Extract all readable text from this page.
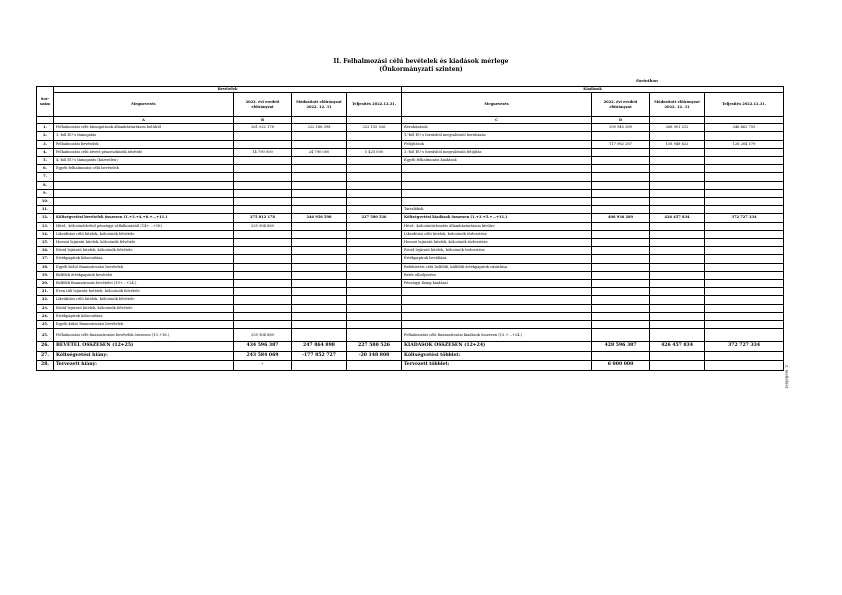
II. Felhalmozási célú bevételek és kiadások mérlege
(Önkormányzati szinten)
Forintban
3. melléklet
Sor-
szám	Bevételek				Kiadások			
	Megnevezés	2022. évi eredeti előirányzat	Módosított előirányzat 2022. 12. 31	Teljesítés 2022.12.31.	Megnevezés	2022. évi eredeti előirányzat	Módosított előirányzat 2022. 12. 31	Teljesítés 2022.12.31.
	A	B			C	D		
1.	Felhalmozási célú támogatások államháztartáson belülről	261 022 178	222 166 598	222 155 526	Beruházások	290 945 289	268 901 212	246 462 755
2.	1.-ből EU-s támogatás				1.-ből EU-s forrásból megvalósuló beruházás			
3.	Felhalmozási bevételek				Felújítások	117 982 287	158 948 622	126 264 579
4.	Felhalmozási célú átvett pénzeszközök átvétele	14 790 000	24 790 000	5 425 000	3.-ból EU-s forrásból megvalósuló felújítás			
5.	4.-ből EU-s támogatás (közvetlen)				Egyéb felhalmozási kiadások			
6.	Egyéb felhalmozási célú bevételek							
7.								
8.								
9.								
10.								
11.					Tartalékok			
12.	Költségvetési bevételek összesen (1.+3.+4.+6.+...+11.)	275 812 178	246 956 598	227 580 526	Költségvetési kiadások összesen (1.+3.+5.+...+11.)	408 936 289	426 457 834	372 727 334
13.	Hitel-, kölcsönfelvétel pénzügyi vállalkozástól (14+...+16)	255 904 889			Hitel-, kölcsöntörlesztés államháztartáson kívülre			
14.	Likviditási célú hitelek, kölcsönök felvétele				Likviditási célú hitelek, kölcsönök törlesztése			
15.	Hosszú lejáratú hitelek, kölcsönök felvétele				Hosszú lejáratú hitelek, kölcsönök törlesztése			
16.	Rövid lejáratú hitelek, kölcsönök felvétele				Rövid lejáratú hitelek, kölcsönök törlesztése			
17.	Értékpapírok kibocsátása				Értékpapírok beváltása			
18.	Egyéb belső finanszírozási bevételek				Befektetési célú belföldi, külföldi értékpapírok vásárlása			
19.	Belföldi értékpapírok bevételei				Betét elhelyezése			
20.	Belföldi finanszírozás bevételei (19+...+24.)				Pénzügyi lízing kiadásai			
21.	Éven túli lejáratú betétek, kölcsönök felvétele							
22.	Likviditási célú hitelek, kölcsönök felvétele							
23.	Rövid lejáratú hitelek, kölcsönök felvétele							
24.	Értékpapírok kibocsátása							
25.	Egyéb külső finanszírozási bevételek							
25.	Felhalmozási célú finanszírozási bevételek összesen (13.+18.)	255 904 889			Felhalmozási célú finanszírozási kiadások összesen (13.+...+24.)			
26.	BEVÉTEL ÖSSZESEN (12+25)	434 596 387	247 864 898	227 580 526	KIADÁSOK ÖSSZESEN (12+24)	428 596 387	426 457 834	372 727 334
27.	Költségvetési hiány:	243 584 069	-177 852 727	-20 148 808	Költségvetési többlet:			
28.	Tervezett hiány:	-			Tervezett többlet:	6 000 000		
